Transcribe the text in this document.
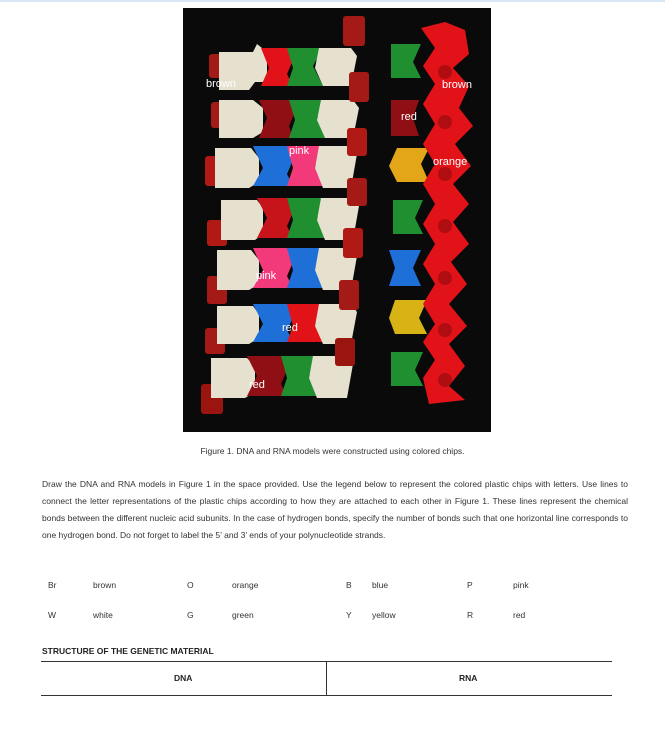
brown	brown
red
pink
orange
pink
red
red
Figure 1. DNA and RNA models were constructed using colored chips.
Draw the DNA and RNA models in Figure 1 in the space provided. Use the legend below to represent the colored plastic chips with letters. Use lines to connect the letter representations of the plastic chips according to how they are attached to each other in Figure 1. These lines represent the chemical bonds between the different nucleic acid subunits. In the case of hydrogen bonds, specify the number of bonds such that one horizontal line corresponds to one hydrogen bond. Do not forget to label the 5’ and 3’ ends of your polynucleotide strands.
Br	brown	O	orange	B blue	P	pink
W	white	G	green	Y yellow	R	red
STRUCTURE OF THE GENETIC MATERIAL
DNA	RNA
